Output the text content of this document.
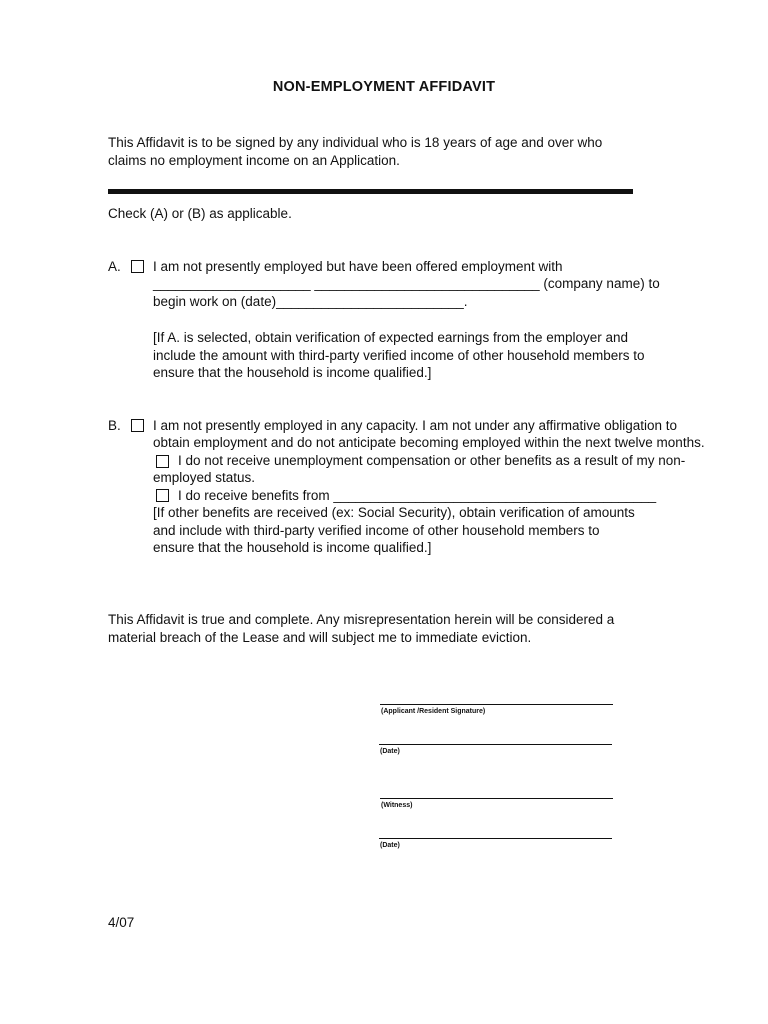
NON-EMPLOYMENT AFFIDAVIT
This Affidavit is to be signed by any individual who is 18 years of age and over who claims no employment income on an Application.
Check (A) or (B) as applicable.
A. I am not presently employed but have been offered employment with
_____________________ ______________________________ (company name) to
begin work on (date)_________________________.
[If A. is selected, obtain verification of expected earnings from the employer and include the amount with third-party verified income of other household members to ensure that the household is income qualified.]
B. I am not presently employed in any capacity. I am not under any affirmative obligation to
obtain employment and do not anticipate becoming employed within the next twelve months.
I do not receive unemployment compensation or other benefits as a result of my non-
employed status.
I do receive benefits from ___________________________________________
[If other benefits are received (ex: Social Security), obtain verification of amounts and include with third-party verified income of other household members to ensure that the household is income qualified.]
This Affidavit is true and complete. Any misrepresentation herein will be considered a material breach of the Lease and will subject me to immediate eviction.
(Applicant /Resident Signature)
(Date)
(Witness)
(Date)
4/07
